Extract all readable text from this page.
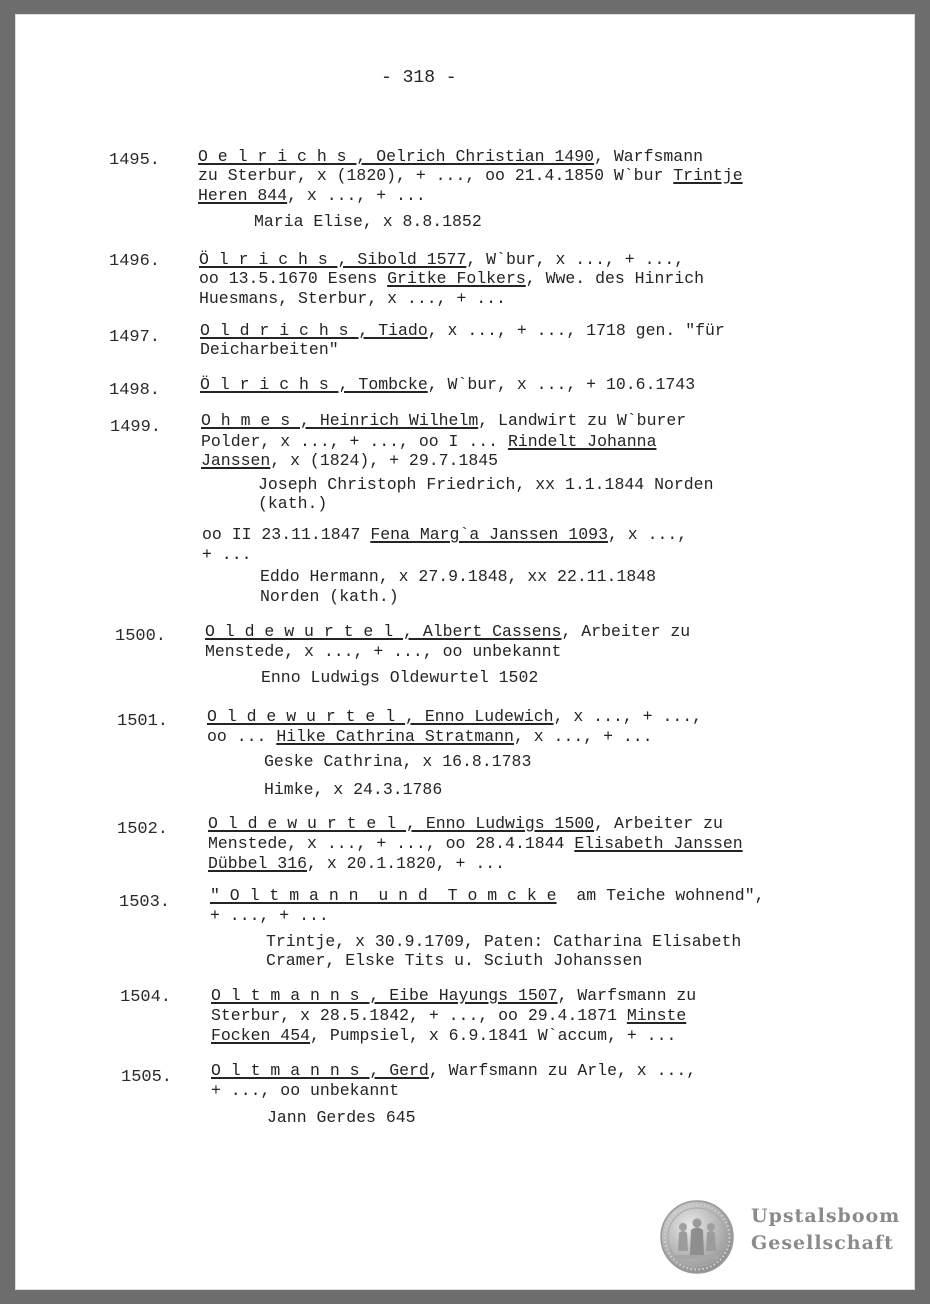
- 318 -
1495. O e l r i c h s , Oelrich Christian 1490, Warfsmann
zu Sterbur, x (1820), + ..., oo 21.4.1850 W`bur Trintje
Heren 844, x ..., + ...
Maria Elise, x 8.8.1852
1496. Ö l r i c h s , Sibold 1577, W`bur, x ..., + ...,
oo 13.5.1670 Esens Gritke Folkers, Wwe. des Hinrich
Huesmans, Sterbur, x ..., + ...
1497. O l d r i c h s , Tiado, x ..., + ..., 1718 gen. "für
Deicharbeiten"
1498. Ö l r i c h s , Tombcke, W`bur, x ..., + 10.6.1743
1499. O h m e s , Heinrich Wilhelm, Landwirt zu W`burer
Polder, x ..., + ..., oo I ... Rindelt Johanna
Janssen, x (1824), + 29.7.1845
Joseph Christoph Friedrich, xx 1.1.1844 Norden
(kath.)
oo II 23.11.1847 Fena Marg`a Janssen 1093, x ...,
+ ...
Eddo Hermann, x 27.9.1848, xx 22.11.1848
Norden (kath.)
1500. O l d e w u r t e l , Albert Cassens, Arbeiter zu
Menstede, x ..., + ..., oo unbekannt
Enno Ludwigs Oldewurtel 1502
1501. O l d e w u r t e l , Enno Ludewich, x ..., + ...,
oo ... Hilke Cathrina Stratmann, x ..., + ...
Geske Cathrina, x 16.8.1783
Himke, x 24.3.1786
1502. O l d e w u r t e l , Enno Ludwigs 1500, Arbeiter zu
Menstede, x ..., + ..., oo 28.4.1844 Elisabeth Janssen
Dübbel 316, x 20.1.1820, + ...
1503. " O l t m a n n  u n d  T o m c k e  am Teiche wohnend",
+ ..., + ...
Trintje, x 30.9.1709, Paten: Catharina Elisabeth
Cramer, Elske Tits u. Sciuth Johanssen
1504. O l t m a n n s , Eibe Hayungs 1507, Warfsmann zu
Sterbur, x 28.5.1842, + ..., oo 29.4.1871 Minste
Focken 454, Pumpsiel, x 6.9.1841 W`accum, + ...
1505. O l t m a n n s , Gerd, Warfsmann zu Arle, x ...,
+ ..., oo unbekannt
Jann Gerdes 645
Upstalsboom
Gesellschaft
